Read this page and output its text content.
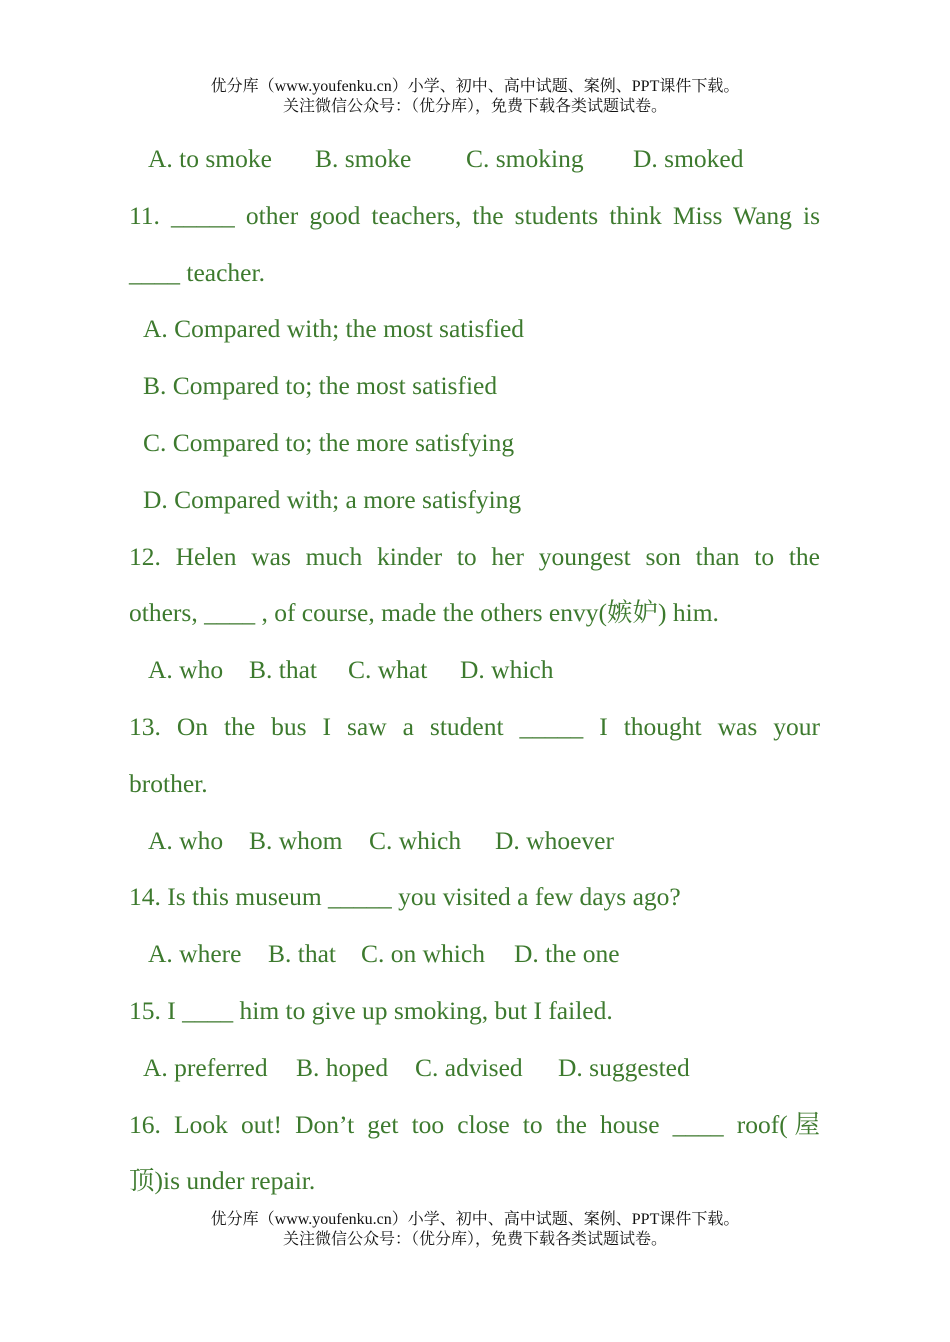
优分库（www.youfenku.cn）小学、初中、高中试题、案例、PPT课件下载。
关注微信公众号：（优分库），免费下载各类试题试卷。
A. to smoke B. smoke C. smoking D. smoked
11. _____ other good teachers, the students think Miss Wang is
____ teacher.
A. Compared with; the most satisfied
B. Compared to; the most satisfied
C. Compared to; the more satisfying
D. Compared with; a more satisfying
12. Helen was much kinder to her youngest son than to the
others, ____ , of course, made the others envy(嫉妒) him.
A. who B. that C. what D. which
13. On the bus I saw a student _____ I thought was your
brother.
A. who B. whom C. which D. whoever
14. Is this museum _____ you visited a few days ago?
A. where B. that C. on which D. the one
15. I ____ him to give up smoking, but I failed.
A. preferred B. hoped C. advised D. suggested
16. Look out! Don’t get too close to the house ____ roof(屋
顶)is under repair.
优分库（www.youfenku.cn）小学、初中、高中试题、案例、PPT课件下载。
关注微信公众号：（优分库），免费下载各类试题试卷。
